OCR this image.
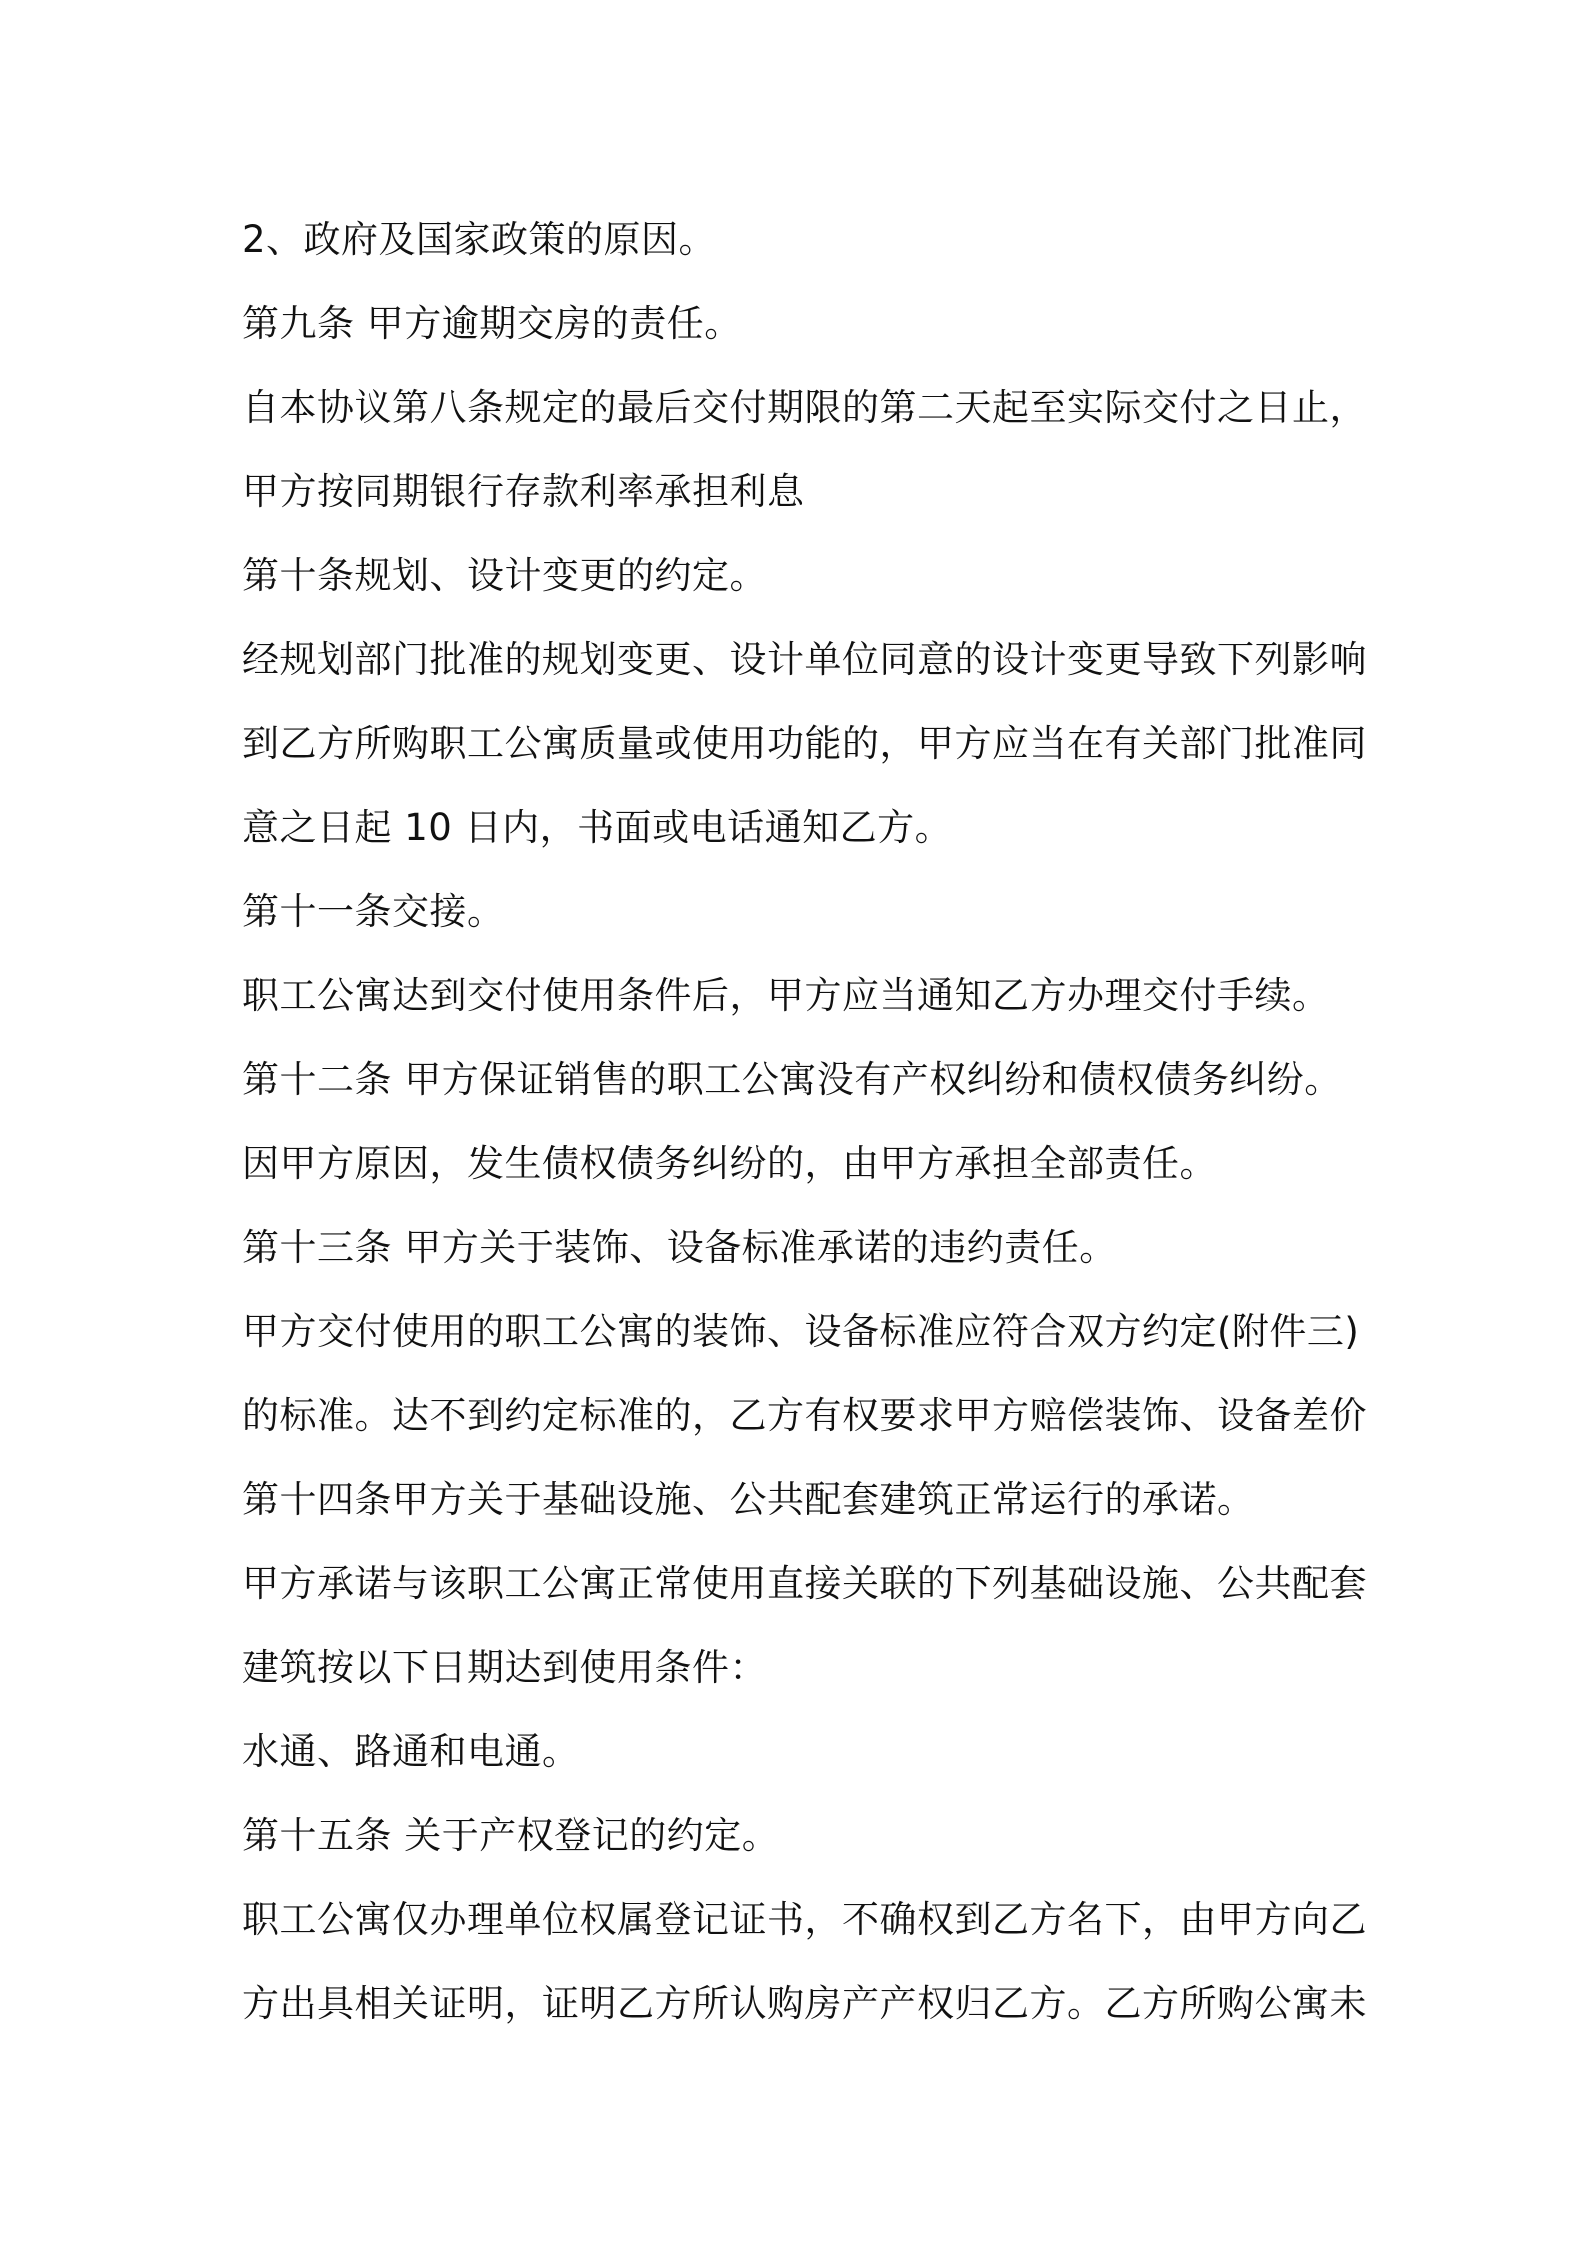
2、政府及国家政策的原因。
第九条 甲方逾期交房的责任。
自本协议第八条规定的最后交付期限的第二天起至实际交付之日止，
甲方按同期银行存款利率承担利息
第十条规划、设计变更的约定。
经规划部门批准的规划变更、设计单位同意的设计变更导致下列影响
到乙方所购职工公寓质量或使用功能的，甲方应当在有关部门批准同
意之日起 10 日内，书面或电话通知乙方。
第十一条交接。
职工公寓达到交付使用条件后，甲方应当通知乙方办理交付手续。
第十二条 甲方保证销售的职工公寓没有产权纠纷和债权债务纠纷。
因甲方原因，发生债权债务纠纷的，由甲方承担全部责任。
第十三条 甲方关于装饰、设备标准承诺的违约责任。
甲方交付使用的职工公寓的装饰、设备标准应符合双方约定(附件三)
的标准。达不到约定标准的，乙方有权要求甲方赔偿装饰、设备差价
第十四条甲方关于基础设施、公共配套建筑正常运行的承诺。
甲方承诺与该职工公寓正常使用直接关联的下列基础设施、公共配套
建筑按以下日期达到使用条件：
水通、路通和电通。
第十五条 关于产权登记的约定。
职工公寓仅办理单位权属登记证书，不确权到乙方名下，由甲方向乙
方出具相关证明，证明乙方所认购房产产权归乙方。乙方所购公寓未
